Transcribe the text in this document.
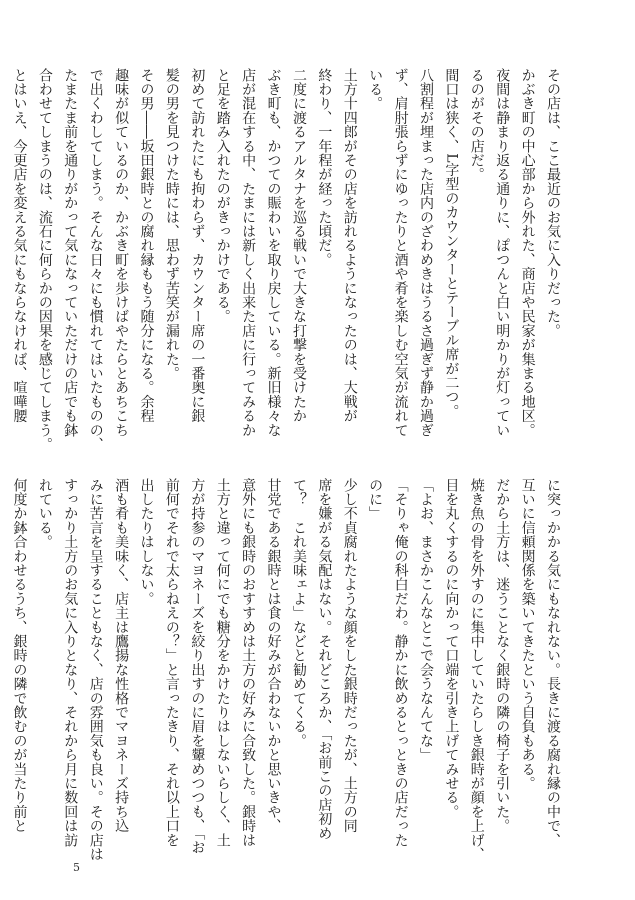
その店は、ここ最近のお気に入りだった。
かぶき町の中心部から外れた、商店や民家が集まる地区。
夜間は静まり返る通りに、ぽつんと白い明かりが灯ってい
るのがその店だ。
間口は狭く、L字型のカウンターとテーブル席が二つ。
八割程が埋まった店内のざわめきはうるさ過ぎず静か過ぎ
ず、肩肘張らずにゆったりと酒や肴を楽しむ空気が流れて
いる。
土方十四郎がその店を訪れるようになったのは、大戦が
終わり、一年程が経った頃だ。
二度に渡るアルタナを巡る戦いで大きな打撃を受けたか
ぶき町も、かつての賑わいを取り戻している。新旧様々な
店が混在する中、たまには新しく出来た店に行ってみるか
と足を踏み入れたのがきっかけである。
初めて訪れたにも拘わらず、カウンター席の一番奥に銀
髪の男を見つけた時には、思わず苦笑が漏れた。
その男――坂田銀時との腐れ縁ももう随分になる。余程
趣味が似ているのか、かぶき町を歩けばやたらとあちこち
で出くわしてしまう。そんな日々にも慣れてはいたものの、
たまたま前を通りがかって気になっていただけの店でも鉢
合わせてしまうのは、流石に何らかの因果を感じてしまう。
とはいえ、今更店を変える気にもならなければ、喧嘩腰
に突っかかる気にもなれない。長きに渡る腐れ縁の中で、
互いに信頼関係を築いてきたという自負もある。
だから土方は、迷うことなく銀時の隣の椅子を引いた。
焼き魚の骨を外すのに集中していたらしき銀時が顔を上げ、
目を丸くするのに向かって口端を引き上げてみせる。
「よお、まさかこんなとこで会うなんてな」
「そりゃ俺の科白だわ。静かに飲めるとっときの店だった
のに」
少し不貞腐れたような顔をした銀時だったが、土方の同
席を嫌がる気配はない。それどころか、「お前この店初め
て？　これ美味ェよ」などと勧めてくる。
甘党である銀時とは食の好みが合わないかと思いきや、
意外にも銀時のおすすめは土方の好みに合致した。銀時は
土方と違って何にでも糖分をかけたりはしないらしく、土
方が持参のマヨネーズを絞り出すのに眉を顰めつつも、「お
前何でそれで太らねえの？」と言ったきり、それ以上口を
出したりはしない。
酒も肴も美味く、店主は鷹揚な性格でマヨネーズ持ち込
みに苦言を呈することもなく、店の雰囲気も良い。その店は
すっかり土方のお気に入りとなり、それから月に数回は訪
れている。
何度か鉢合わせるうち、銀時の隣で飲むのが当たり前と
5
